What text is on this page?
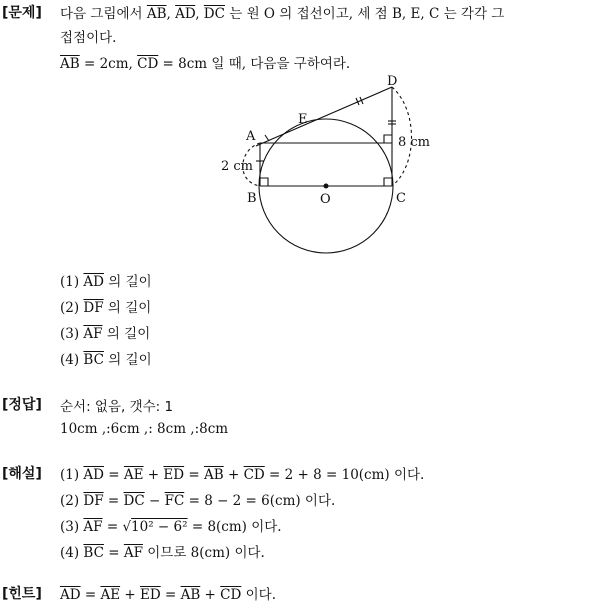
[문제] 다음 그림에서 $\overline{AB}$, $\overline{AD}$, $\overline{DC}$ 는 원 O 의 접선이고, 세 점 B, E, C 는 각각 그
접점이다.
$\overline{AB} = 2cm$, $\overline{CD} = 8cm$ 일 때, 다음을 구하여라.
A
E
D
B	O	C
2 cm
8 cm
(1) $\overline{AD}$ 의 길이
(2) $\overline{DF}$ 의 길이
(3) $\overline{AF}$ 의 길이
(4) $\overline{BC}$ 의 길이
[정답] 순서: 없음, 갯수: 1
10cm ,:6cm ,: 8cm ,:8cm
[해설] (1) $\overline{AD} = \overline{AE} + \overline{ED} = \overline{AB} + \overline{CD} = 2 + 8 = 10(cm)$ 이다.
(2) $\overline{DF} = \overline{DC} - \overline{FC} = 8 - 2 = 6(cm)$ 이다.
(3) $\overline{AF} = √10^2 - 6^2 = 8(cm)$ 이다.
(4) $\overline{BC} = \overline{AF}$ 이므로 8(cm) 이다.
[힌트] $\overline{AD} = \overline{AE} + \overline{ED} = \overline{AB} + \overline{CD}$ 이다.
